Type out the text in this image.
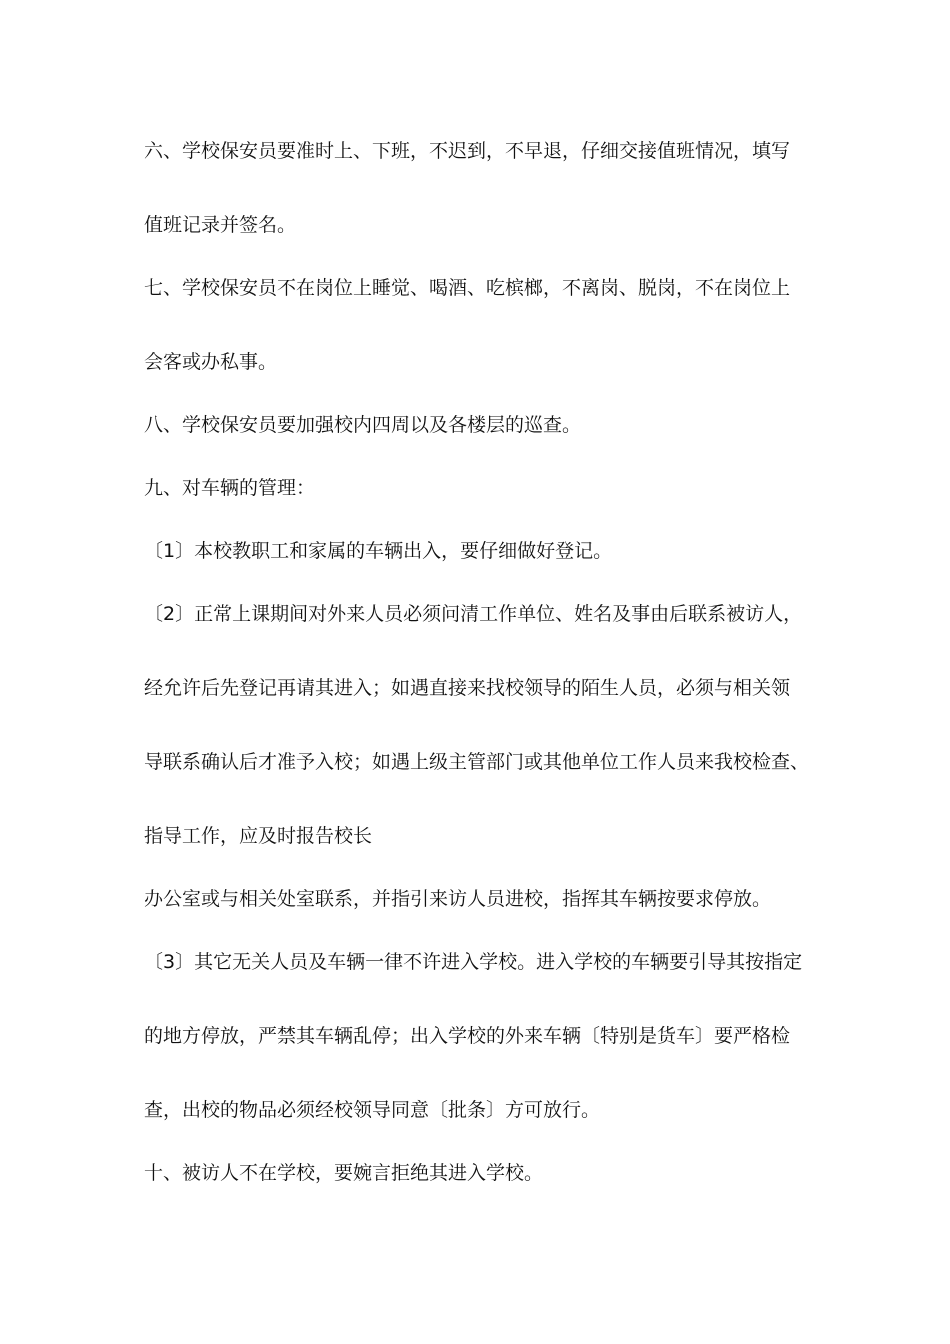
六、学校保安员要准时上、下班，不迟到，不早退，仔细交接值班情况，填写
值班记录并签名。
七、学校保安员不在岗位上睡觉、喝酒、吃槟榔，不离岗、脱岗，不在岗位上
会客或办私事。
八、学校保安员要加强校内四周以及各楼层的巡查。
九、对车辆的管理：
〔1〕本校教职工和家属的车辆出入，要仔细做好登记。
〔2〕正常上课期间对外来人员必须问清工作单位、姓名及事由后联系被访人，
经允许后先登记再请其进入；如遇直接来找校领导的陌生人员，必须与相关领
导联系确认后才准予入校；如遇上级主管部门或其他单位工作人员来我校检查、
指导工作，应及时报告校长
办公室或与相关处室联系，并指引来访人员进校，指挥其车辆按要求停放。
〔3〕其它无关人员及车辆一律不许进入学校。进入学校的车辆要引导其按指定
的地方停放，严禁其车辆乱停；出入学校的外来车辆〔特别是货车〕要严格检
查，出校的物品必须经校领导同意〔批条〕方可放行。
十、被访人不在学校，要婉言拒绝其进入学校。
